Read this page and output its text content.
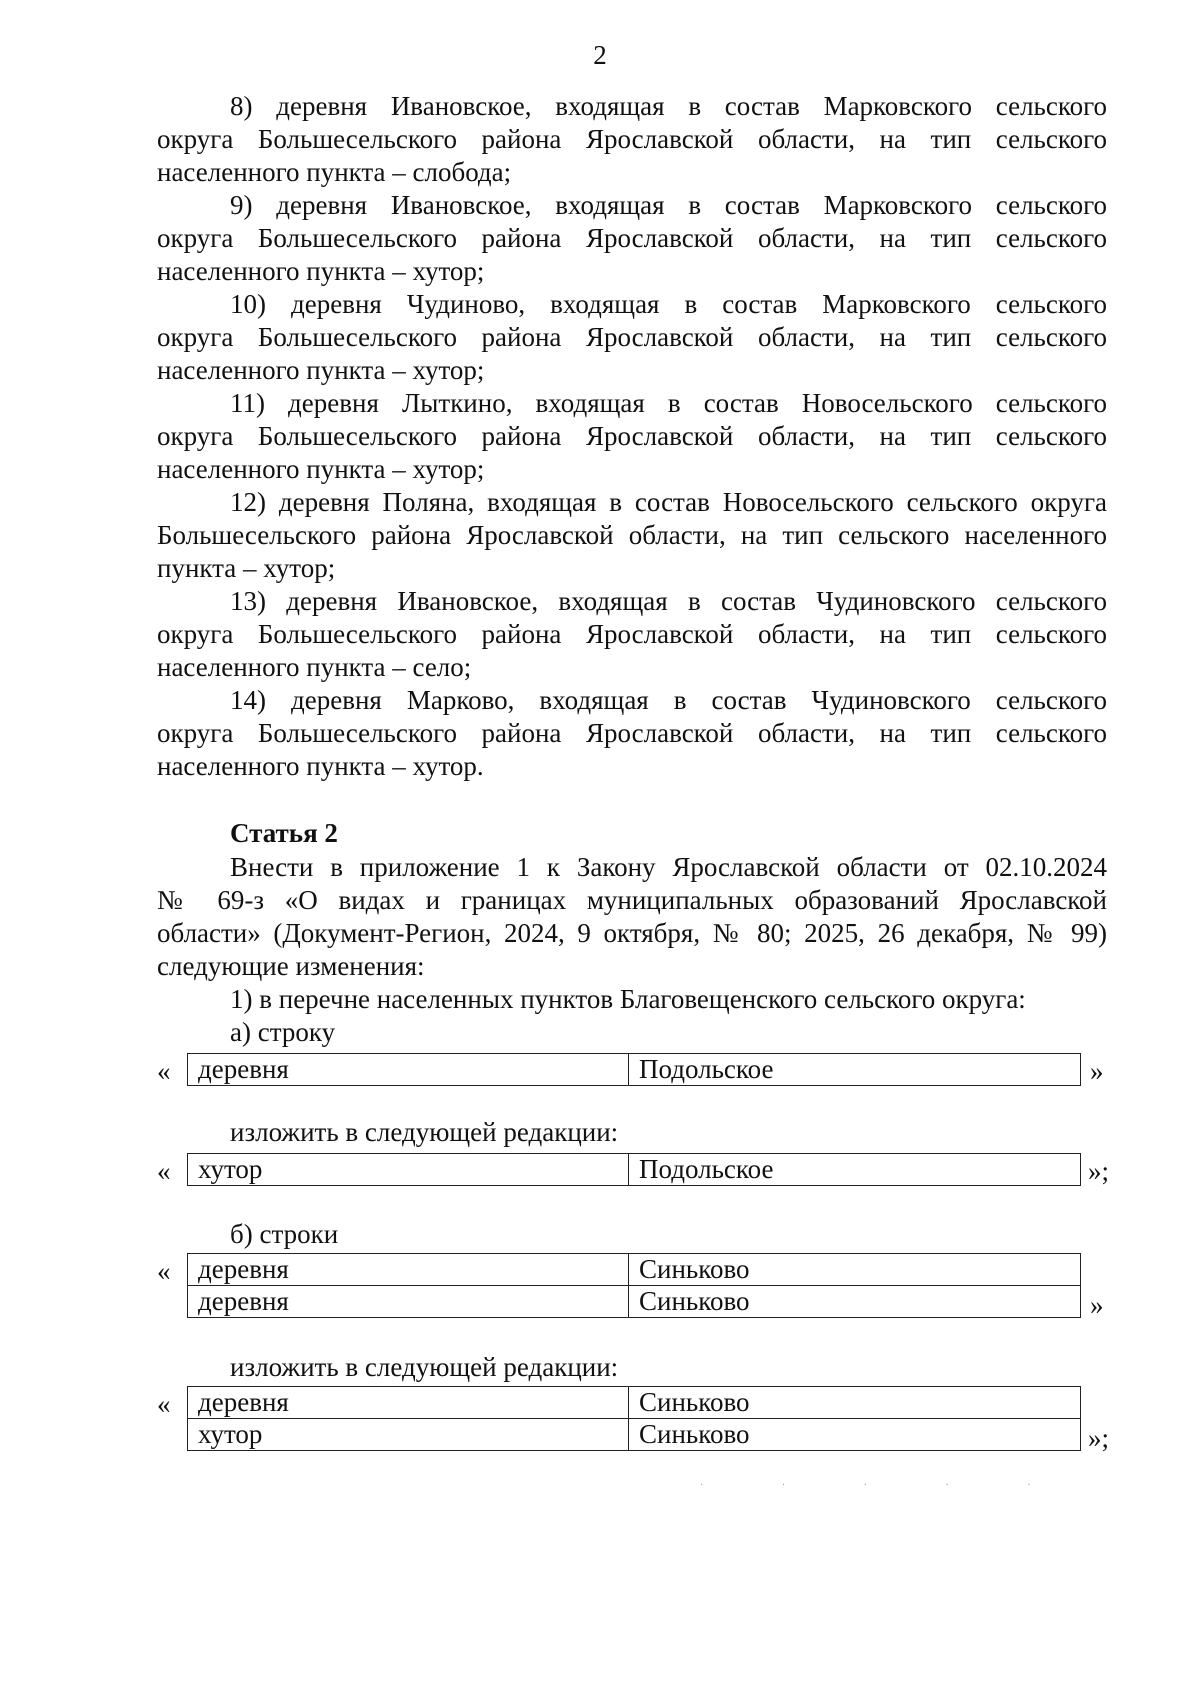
2

8) деревня Ивановское, входящая в состав Марковского сельского

округа Большесельского района Ярославской области, на тип сельского

населенного пункта – слобода;

9) деревня Ивановское, входящая в состав Марковского сельского

округа Большесельского района Ярославской области, на тип сельского

населенного пункта – хутор;

10) деревня Чудиново, входящая в состав Марковского сельского

округа Большесельского района Ярославской области, на тип сельского

населенного пункта – хутор;

11) деревня Лыткино, входящая в состав Новосельского сельского

округа Большесельского района Ярославской области, на тип сельского

населенного пункта – хутор;

12) деревня Поляна, входящая в состав Новосельского сельского округа

Большесельского района Ярославской области, на тип сельского населенного

пункта – хутор;

13) деревня Ивановское, входящая в состав Чудиновского сельского

округа Большесельского района Ярославской области, на тип сельского

населенного пункта – село;

14) деревня Марково, входящая в состав Чудиновского сельского

округа Большесельского района Ярославской области, на тип сельского

населенного пункта – хутор.

Статья 2

Внести в приложение 1 к Закону Ярославской области от 02.10.2024

№ 69-з «О видах и границах муниципальных образований Ярославской

области» (Документ-Регион, 2024, 9 октября, № 80; 2025, 26 декабря, № 99)

следующие изменения:

1) в перечне населенных пунктов Благовещенского сельского округа:
а) строку
« деревня	Подольское	»
изложить в следующей редакции:
« хутор	Подольское	»;
б) строки
« деревня	Синьково
деревня	Синьково	»
изложить в следующей редакции:
« деревня	Синьково
хутор	Синьково	»;
· · · · ·
